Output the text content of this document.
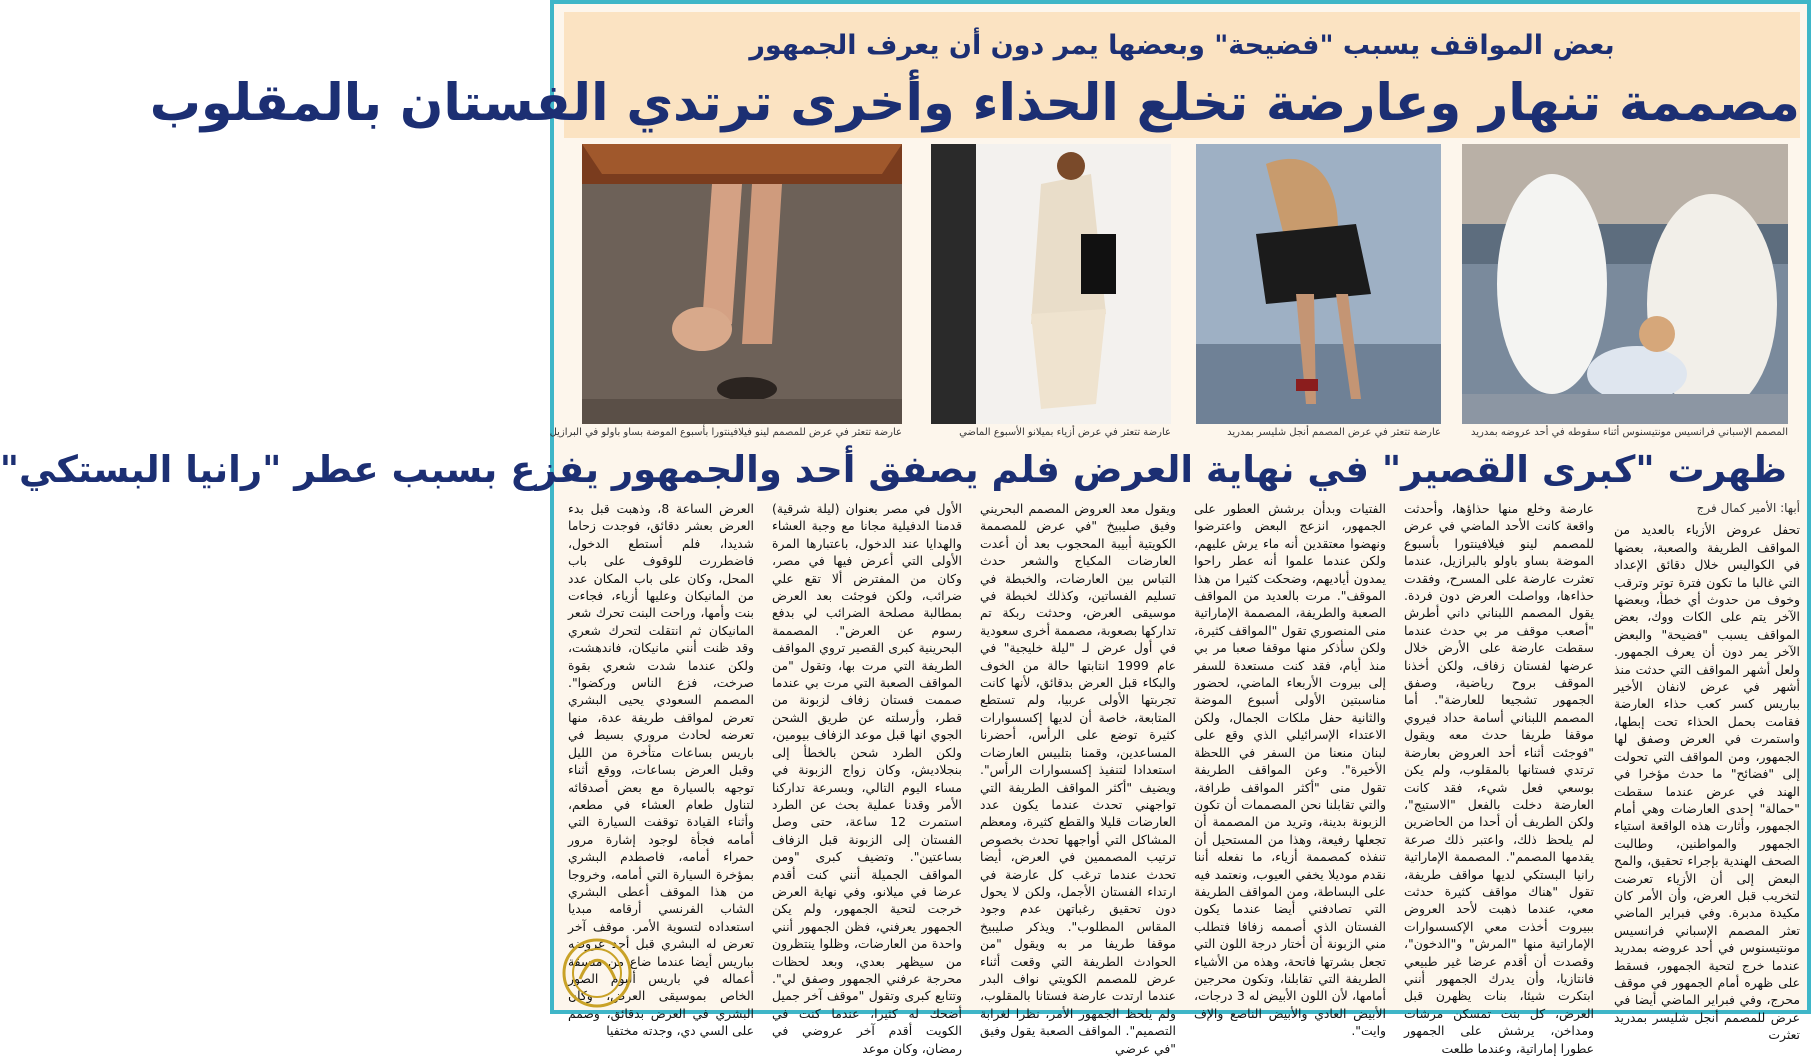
بعض المواقف يسبب "فضيحة" وبعضها يمر دون أن يعرف الجمهور
مصممة تنهار وعارضة تخلع الحذاء وأخرى ترتدي الفستان بالمقلوب
المصمم الإسباني فرانسيس مونتيسنوس أثناء سقوطه في أحد عروضه بمدريد
عارضة تتعثر في عرض المصمم أنجل شليسر بمدريد
عارضة تتعثر في عرض أزياء بميلانو الأسبوع الماضي
عارضة تتعثر في عرض للمصمم لينو فيلافينتورا بأسبوع الموضة بساو باولو في البرازيل
ظهرت "كبرى القصير" في نهاية العرض فلم يصفق أحد والجمهور يفزع بسبب عطر "رانيا البستكي"
أبها: الأمير كمال فرج

تحفل عروض الأزياء بالعديد من المواقف الطريفة والصعبة، بعضها في الكواليس خلال دقائق الإعداد التي غالبا ما تكون فترة توتر وترقب وخوف من حدوث أي خطأ، وبعضها الآخر يتم على الكات ووك، بعض المواقف يسبب "فضيحة" والبعض الآخر يمر دون أن يعرف الجمهور. ولعل أشهر المواقف التي حدثت منذ أشهر في عرض لانفان الأخير بباريس كسر كعب حذاء العارضة فقامت بحمل الحذاء تحت إبطها، واستمرت في العرض وصفق لها الجمهور، ومن المواقف التي تحولت إلى "فضائح" ما حدث مؤخرا في الهند في عرض عندما سقطت "حمالة" إحدى العارضات وهي أمام الجمهور، وأثارت هذه الواقعة استياء الجمهور والمواطنين، وطالبت الصحف الهندية بإجراء تحقيق، والمح البعض إلى أن الأزياء تعرضت لتخريب قبل العرض، وأن الأمر كان مكيدة مدبرة. وفي فبراير الماضي تعثر المصمم الإسباني فرانسيس مونتيسنوس في أحد عروضه بمدريد عندما خرج لتحية الجمهور، فسقط على ظهره أمام الجمهور في موقف محرج، وفي فبراير الماضي أيضا في عرض للمصمم أنجل شليسر بمدريد تعثرت

عارضة وخلع منها حذاؤها، وأحدثت واقعة كانت الأحد الماضي في عرض للمصمم لينو فيلافينتورا بأسبوع الموضة بساو باولو بالبرازيل، عندما تعثرت عارضة على المسرح، وفقدت حذاءها، وواصلت العرض دون فردة. يقول المصمم اللبناني داني أطرش "أصعب موقف مر بي حدث عندما سقطت عارضة على الأرض خلال عرضها لفستان زفاف، ولكن أخذنا الموقف بروح رياضية، وصفق الجمهور تشجيعا للعارضة". أما المصمم اللبناني أسامة حداد فيروي موقفا طريفا حدث معه ويقول "فوجئت أثناء أحد العروض بعارضة ترتدي فستانها بالمقلوب، ولم يكن بوسعي فعل شيء، فقد كانت العارضة دخلت بالفعل "الاستيج"، ولكن الطريف أن أحدا من الحاضرين لم يلحظ ذلك، واعتبر ذلك صرعة يقدمها المصمم". المصممة الإماراتية رانيا البستكي لديها مواقف طريفة، تقول "هناك مواقف كثيرة حدثت معي، عندما ذهبت لأحد العروض ببيروت أخذت معي الإكسسوارات الإماراتية منها "المرش" و"الدخون"، وقصدت أن أقدم عرضا غير طبيعي فانتازيا، وأن يدرك الجمهور أنني ابتكرت شيئا، بنات يظهرن قبل العرض، كل بنت تمسكن مرشات ومداخن، يرشش على الجمهور عطورا إماراتية، وعندما طلعت

الفتيات وبدأن برشش العطور على الجمهور، انزعج البعض واعترضوا ونهضوا معتقدين أنه ماء يرش عليهم، ولكن عندما علموا أنه عطر راحوا يمدون أياديهم، وضحكت كثيرا من هذا الموقف". مرت بالعديد من المواقف الصعبة والطريفة، المصممة الإماراتية منى المنصوري تقول "المواقف كثيرة، ولكن سأذكر منها موقفا صعبا مر بي منذ أيام، فقد كنت مستعدة للسفر إلى بيروت الأربعاء الماضي، لحضور مناسبتين الأولى أسبوع الموضة والثانية حفل ملكات الجمال، ولكن الاعتداء الإسرائيلي الذي وقع على لبنان منعنا من السفر في اللحظة الأخيرة". وعن المواقف الطريفة تقول منى "أكثر المواقف طرافة، والتي تقابلنا نحن المصممات أن تكون الزبونة بدينة، وتريد من المصممة أن تجعلها رفيعة، وهذا من المستحيل أن تنفذه كمصممة أزياء، ما نفعله أننا نقدم موديلا يخفي العيوب، ونعتمد فيه على البساطة، ومن المواقف الطريفة التي تصادفني أيضا عندما يكون الفستان الذي أصممه زفافا فتطلب مني الزبونة أن أختار درجة اللون التي تجعل بشرتها فاتحة، وهذه من الأشياء الطريفة التي تقابلنا، وتكون محرجين أمامها، لأن اللون الأبيض له 3 درجات، الأبيض العادي والأبيض الناصع والإف وايت".

ويقول معد العروض المصمم البحريني وفيق صليبيخ "في عرض للمصممة الكويتية أبيبة المحجوب بعد أن أعدت العارضات المكياج والشعر حدث التباس بين العارضات، والخبطة في تسليم الفساتين، وكذلك لخبطة في موسيقى العرض، وحدثت ربكة تم تداركها بصعوبة، مصممة أخرى سعودية في أول عرض لـ "ليلة خليجية" في عام 1999 انتابتها حالة من الخوف والبكاء قبل العرض بدقائق، لأنها كانت تجربتها الأولى عربيا، ولم تستطع المتابعة، خاصة أن لديها إكسسوارات كثيرة توضع على الرأس، أحضرنا المساعدين، وقمنا بتلبيس العارضات استعدادا لتنفيذ إكسسوارات الرأس". ويضيف "أكثر المواقف الطريفة التي تواجهني تحدث عندما يكون عدد العارضات قليلا والقطع كثيرة، ومعظم المشاكل التي أواجهها تحدث بخصوص ترتيب المصممين في العرض، أيضا تحدث عندما ترغب كل عارضة في ارتداء الفستان الأجمل، ولكن لا يحول دون تحقيق رغباتهن عدم وجود المقاس المطلوب". ويذكر صليبيخ موقفا طريفا مر به ويقول "من الحوادث الطريفة التي وقعت أثناء عرض للمصمم الكويتي نواف البدر عندما ارتدت عارضة فستانا بالمقلوب، ولم يلحظ الجمهور الأمر، نظرا لغرابة التصميم". المواقف الصعبة يقول وفيق "في عرضي

الأول في مصر بعنوان (ليلة شرقية) قدمنا الدفيلية مجانا مع وجبة العشاء والهدايا عند الدخول، باعتبارها المرة الأولى التي أعرض فيها في مصر، وكان من المفترض ألا تقع علي ضرائب، ولكن فوجئت بعد العرض بمطالبة مصلحة الضرائب لي بدفع رسوم عن العرض". المصممة البحرينية كبرى القصير تروي المواقف الطريفة التي مرت بها، وتقول "من المواقف الصعبة التي مرت بي عندما صممت فستان زفاف لزبونة من قطر، وأرسلته عن طريق الشحن الجوي انها قبل موعد الزفاف بيومين، ولكن الطرد شحن بالخطأ إلى بنجلاديش، وكان زواج الزبونة في مساء اليوم التالي، وبسرعة تداركنا الأمر وقدنا عملية بحث عن الطرد استمرت 12 ساعة، حتى وصل الفستان إلى الزبونة قبل الزفاف بساعتين". وتضيف كبرى "ومن المواقف الجميلة أنني كنت أقدم عرضا في ميلانو، وفي نهاية العرض خرجت لتحية الجمهور، ولم يكن الجمهور يعرفني، فظن الجمهور أنني واحدة من العارضات، وظلوا ينتظرون من سيظهر بعدي، وبعد لحظات محرجة عرفني الجمهور وصفق لي". وتتابع كبرى وتقول "موقف آخر جميل أضحك له كثيرا، عندما كنت في الكويت أقدم آخر عروضي في رمضان، وكان موعد

العرض الساعة 8، وذهبت قبل بدء العرض بعشر دقائق، فوجدت زحاما شديدا، فلم أستطع الدخول، فاضطررت للوقوف على باب المحل، وكان على باب المكان عدد من المانيكان وعليها أزياء، فجاءت بنت وأمها، وراحت البنت تحرك شعر المانيكان ثم انتقلت لتحرك شعري وقد ظنت أنني مانيكان، فاندهشت، ولكن عندما شدت شعري بقوة صرخت، فزع الناس وركضوا". المصمم السعودي يحيى البشري تعرض لمواقف طريفة عدة، منها تعرضه لحادث مروري بسيط في باريس بساعات متأخرة من الليل وقبل العرض بساعات، ووقع أثناء توجهه بالسيارة مع بعض أصدقائه لتناول طعام العشاء في مطعم، وأثناء القيادة توقفت السيارة التي أمامه فجأة لوجود إشارة مرور حمراء أمامه، فاصطدم البشري بمؤخرة السيارة التي أمامه، وخروجا من هذا الموقف أعطى البشري الشاب الفرنسي أرقامه مبديا استعداده لتسوية الأمر. موقف آخر تعرض له البشري قبل أحد عروضه بباريس أيضا عندما ضاع من منسقة أعماله في باريس ألبوم الصور الخاص بموسيقى العرض، وكان البشري في العرض بدقائق، وصمم على السي دي، وجدته مختفيا
